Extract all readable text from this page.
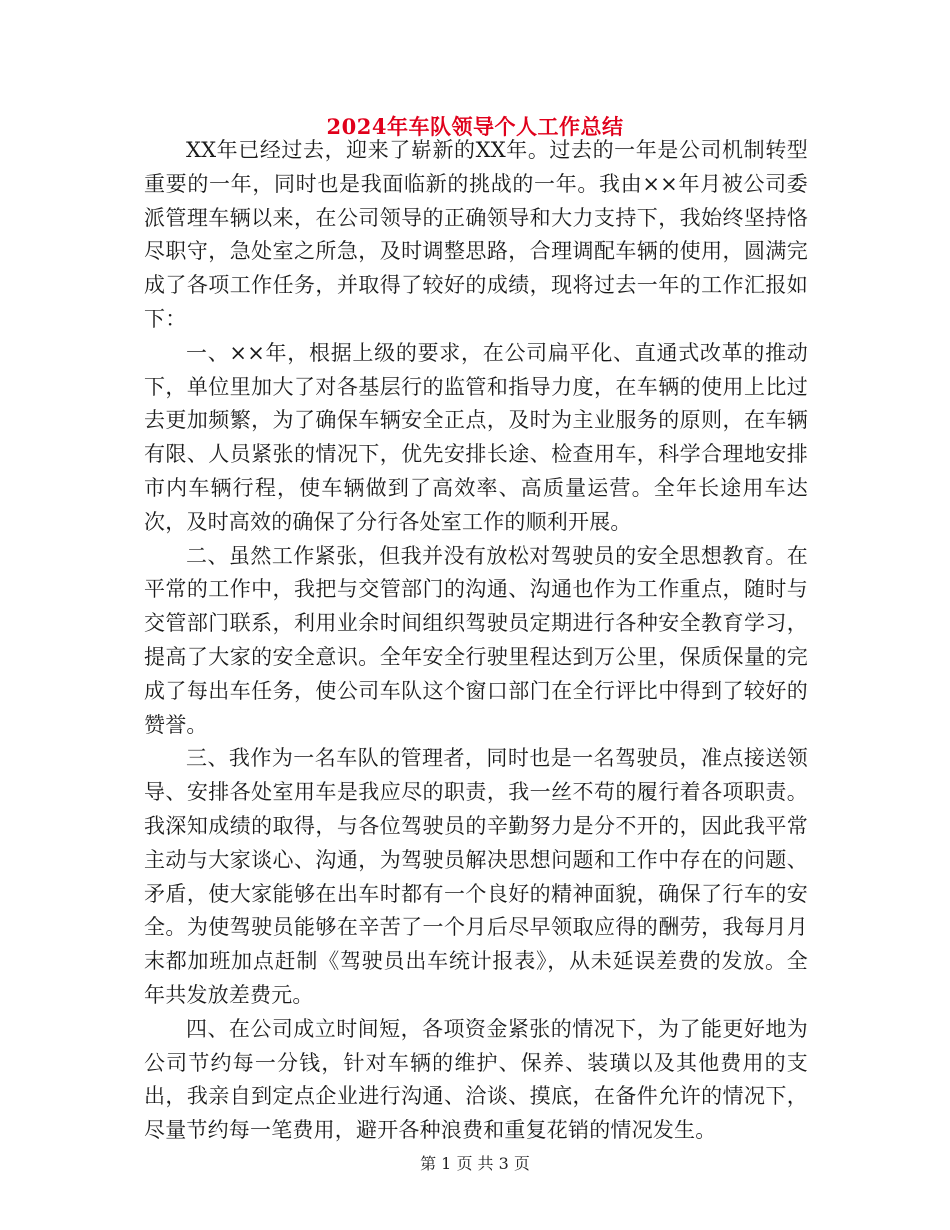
2024年车队领导个人工作总结

XX年已经过去，迎来了崭新的XX年。过去的一年是公司机制转型重要的一年，同时也是我面临新的挑战的一年。我由××年月被公司委派管理车辆以来，在公司领导的正确领导和大力支持下，我始终坚持恪尽职守，急处室之所急，及时调整思路，合理调配车辆的使用，圆满完成了各项工作任务，并取得了较好的成绩，现将过去一年的工作汇报如下：

一、××年，根据上级的要求，在公司扁平化、直通式改革的推动下，单位里加大了对各基层行的监管和指导力度，在车辆的使用上比过去更加频繁，为了确保车辆安全正点，及时为主业服务的原则，在车辆有限、人员紧张的情况下，优先安排长途、检查用车，科学合理地安排市内车辆行程，使车辆做到了高效率、高质量运营。全年长途用车达次，及时高效的确保了分行各处室工作的顺利开展。

二、虽然工作紧张，但我并没有放松对驾驶员的安全思想教育。在平常的工作中，我把与交管部门的沟通、沟通也作为工作重点，随时与交管部门联系，利用业余时间组织驾驶员定期进行各种安全教育学习，提高了大家的安全意识。全年安全行驶里程达到万公里，保质保量的完成了每出车任务，使公司车队这个窗口部门在全行评比中得到了较好的赞誉。

三、我作为一名车队的管理者，同时也是一名驾驶员，准点接送领导、安排各处室用车是我应尽的职责，我一丝不苟的履行着各项职责。我深知成绩的取得，与各位驾驶员的辛勤努力是分不开的，因此我平常主动与大家谈心、沟通，为驾驶员解决思想问题和工作中存在的问题、矛盾，使大家能够在出车时都有一个良好的精神面貌，确保了行车的安全。为使驾驶员能够在辛苦了一个月后尽早领取应得的酬劳，我每月月末都加班加点赶制《驾驶员出车统计报表》，从未延误差费的发放。全年共发放差费元。

四、在公司成立时间短，各项资金紧张的情况下，为了能更好地为公司节约每一分钱，针对车辆的维护、保养、装璜以及其他费用的支出，我亲自到定点企业进行沟通、洽谈、摸底，在备件允许的情况下，尽量节约每一笔费用，避开各种浪费和重复花销的情况发生。

第 1 页 共 3 页
